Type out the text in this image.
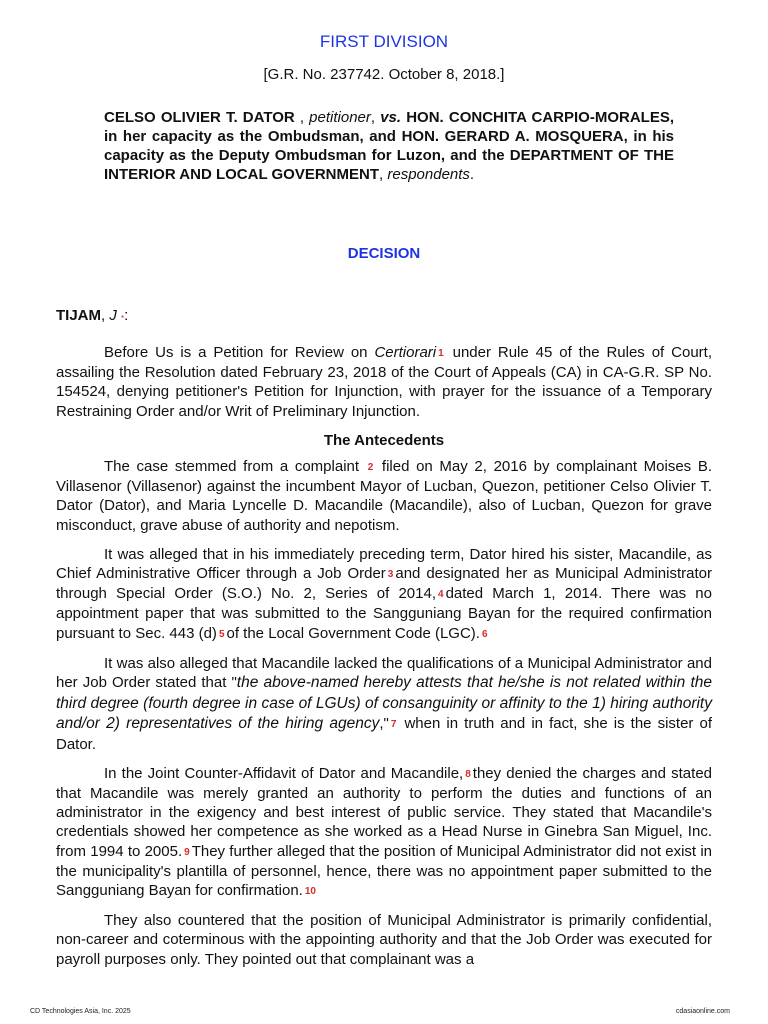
FIRST DIVISION
[G.R. No. 237742. October 8, 2018.]
CELSO OLIVIER T. DATOR , petitioner, vs. HON. CONCHITA CARPIO-MORALES, in her capacity as the Ombudsman, and HON. GERARD A. MOSQUERA, in his capacity as the Deputy Ombudsman for Luzon, and the DEPARTMENT OF THE INTERIOR AND LOCAL GOVERNMENT, respondents.
DECISION
TIJAM, J *:

Before Us is a Petition for Review on Certiorari 1 under Rule 45 of the Rules of Court, assailing the Resolution dated February 23, 2018 of the Court of Appeals (CA) in CA-G.R. SP No. 154524, denying petitioner's Petition for Injunction, with prayer for the issuance of a Temporary Restraining Order and/or Writ of Preliminary Injunction.

The Antecedents

The case stemmed from a complaint 2 filed on May 2, 2016 by complainant Moises B. Villasenor (Villasenor) against the incumbent Mayor of Lucban, Quezon, petitioner Celso Olivier T. Dator (Dator), and Maria Lyncelle D. Macandile (Macandile), also of Lucban, Quezon for grave misconduct, grave abuse of authority and nepotism.

It was alleged that in his immediately preceding term, Dator hired his sister, Macandile, as Chief Administrative Officer through a Job Order 3 and designated her as Municipal Administrator through Special Order (S.O.) No. 2, Series of 2014, 4 dated March 1, 2014. There was no appointment paper that was submitted to the Sangguniang Bayan for the required confirmation pursuant to Sec. 443 (d) 5 of the Local Government Code (LGC). 6

It was also alleged that Macandile lacked the qualifications of a Municipal Administrator and her Job Order stated that "the above-named hereby attests that he/she is not related within the third degree (fourth degree in case of LGUs) of consanguinity or affinity to the 1) hiring authority and/or 2) representatives of the hiring agency," 7 when in truth and in fact, she is the sister of Dator.

In the Joint Counter-Affidavit of Dator and Macandile, 8 they denied the charges and stated that Macandile was merely granted an authority to perform the duties and functions of an administrator in the exigency and best interest of public service. They stated that Macandile's credentials showed her competence as she worked as a Head Nurse in Ginebra San Miguel, Inc. from 1994 to 2005. 9 They further alleged that the position of Municipal Administrator did not exist in the municipality's plantilla of personnel, hence, there was no appointment paper submitted to the Sangguniang Bayan for confirmation. 10

They also countered that the position of Municipal Administrator is primarily confidential, non-career and coterminous with the appointing authority and that the Job Order was executed for payroll purposes only. They pointed out that complainant was a

CD Technologies Asia, Inc. 2025	cdasiaonline.com
